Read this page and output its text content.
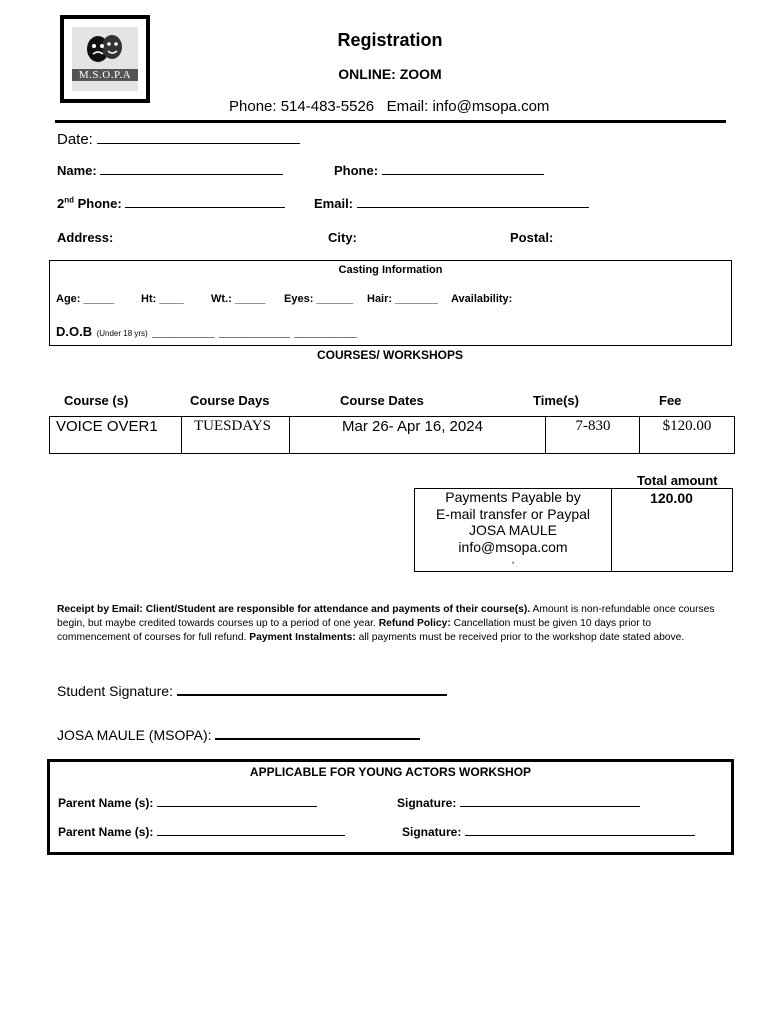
M.S.O.P.A
Registration
ONLINE: ZOOM
Phone: 514-483-5526   Email: info@msopa.com
Date:
Name:	Phone:
2nd Phone:	Email:
Address:	City:	Postal:
Casting Information
Age: _____ Ht: ____ Wt.: _____ Eyes: ______ Hair: _______ Availability:
D.O.B (Under 18 yrs) ______________  ________________  ______________
COURSES/ WORKSHOPS
Course (s)	Course Days	Course Dates	Time(s)	Fee
VOICE OVER1 TUESDAYS	Mar 26- Apr 16, 2024	7-830	$120.00
Total amount
Payments Payable by
E-mail transfer or Paypal
JOSA MAULE
info@msopa.com
,
120.00
Receipt by Email: Client/Student are responsible for attendance and payments of their course(s). Amount is non-refundable once courses begin, but maybe credited towards courses up to a period of one year. Refund Policy: Cancellation must be given 10 days prior to commencement of courses for full refund. Payment Instalments: all payments must be received prior to the workshop date stated above.
Student Signature:
JOSA MAULE (MSOPA):
APPLICABLE FOR YOUNG ACTORS WORKSHOP
Parent Name (s):	Signature:
Parent Name (s):	Signature:
